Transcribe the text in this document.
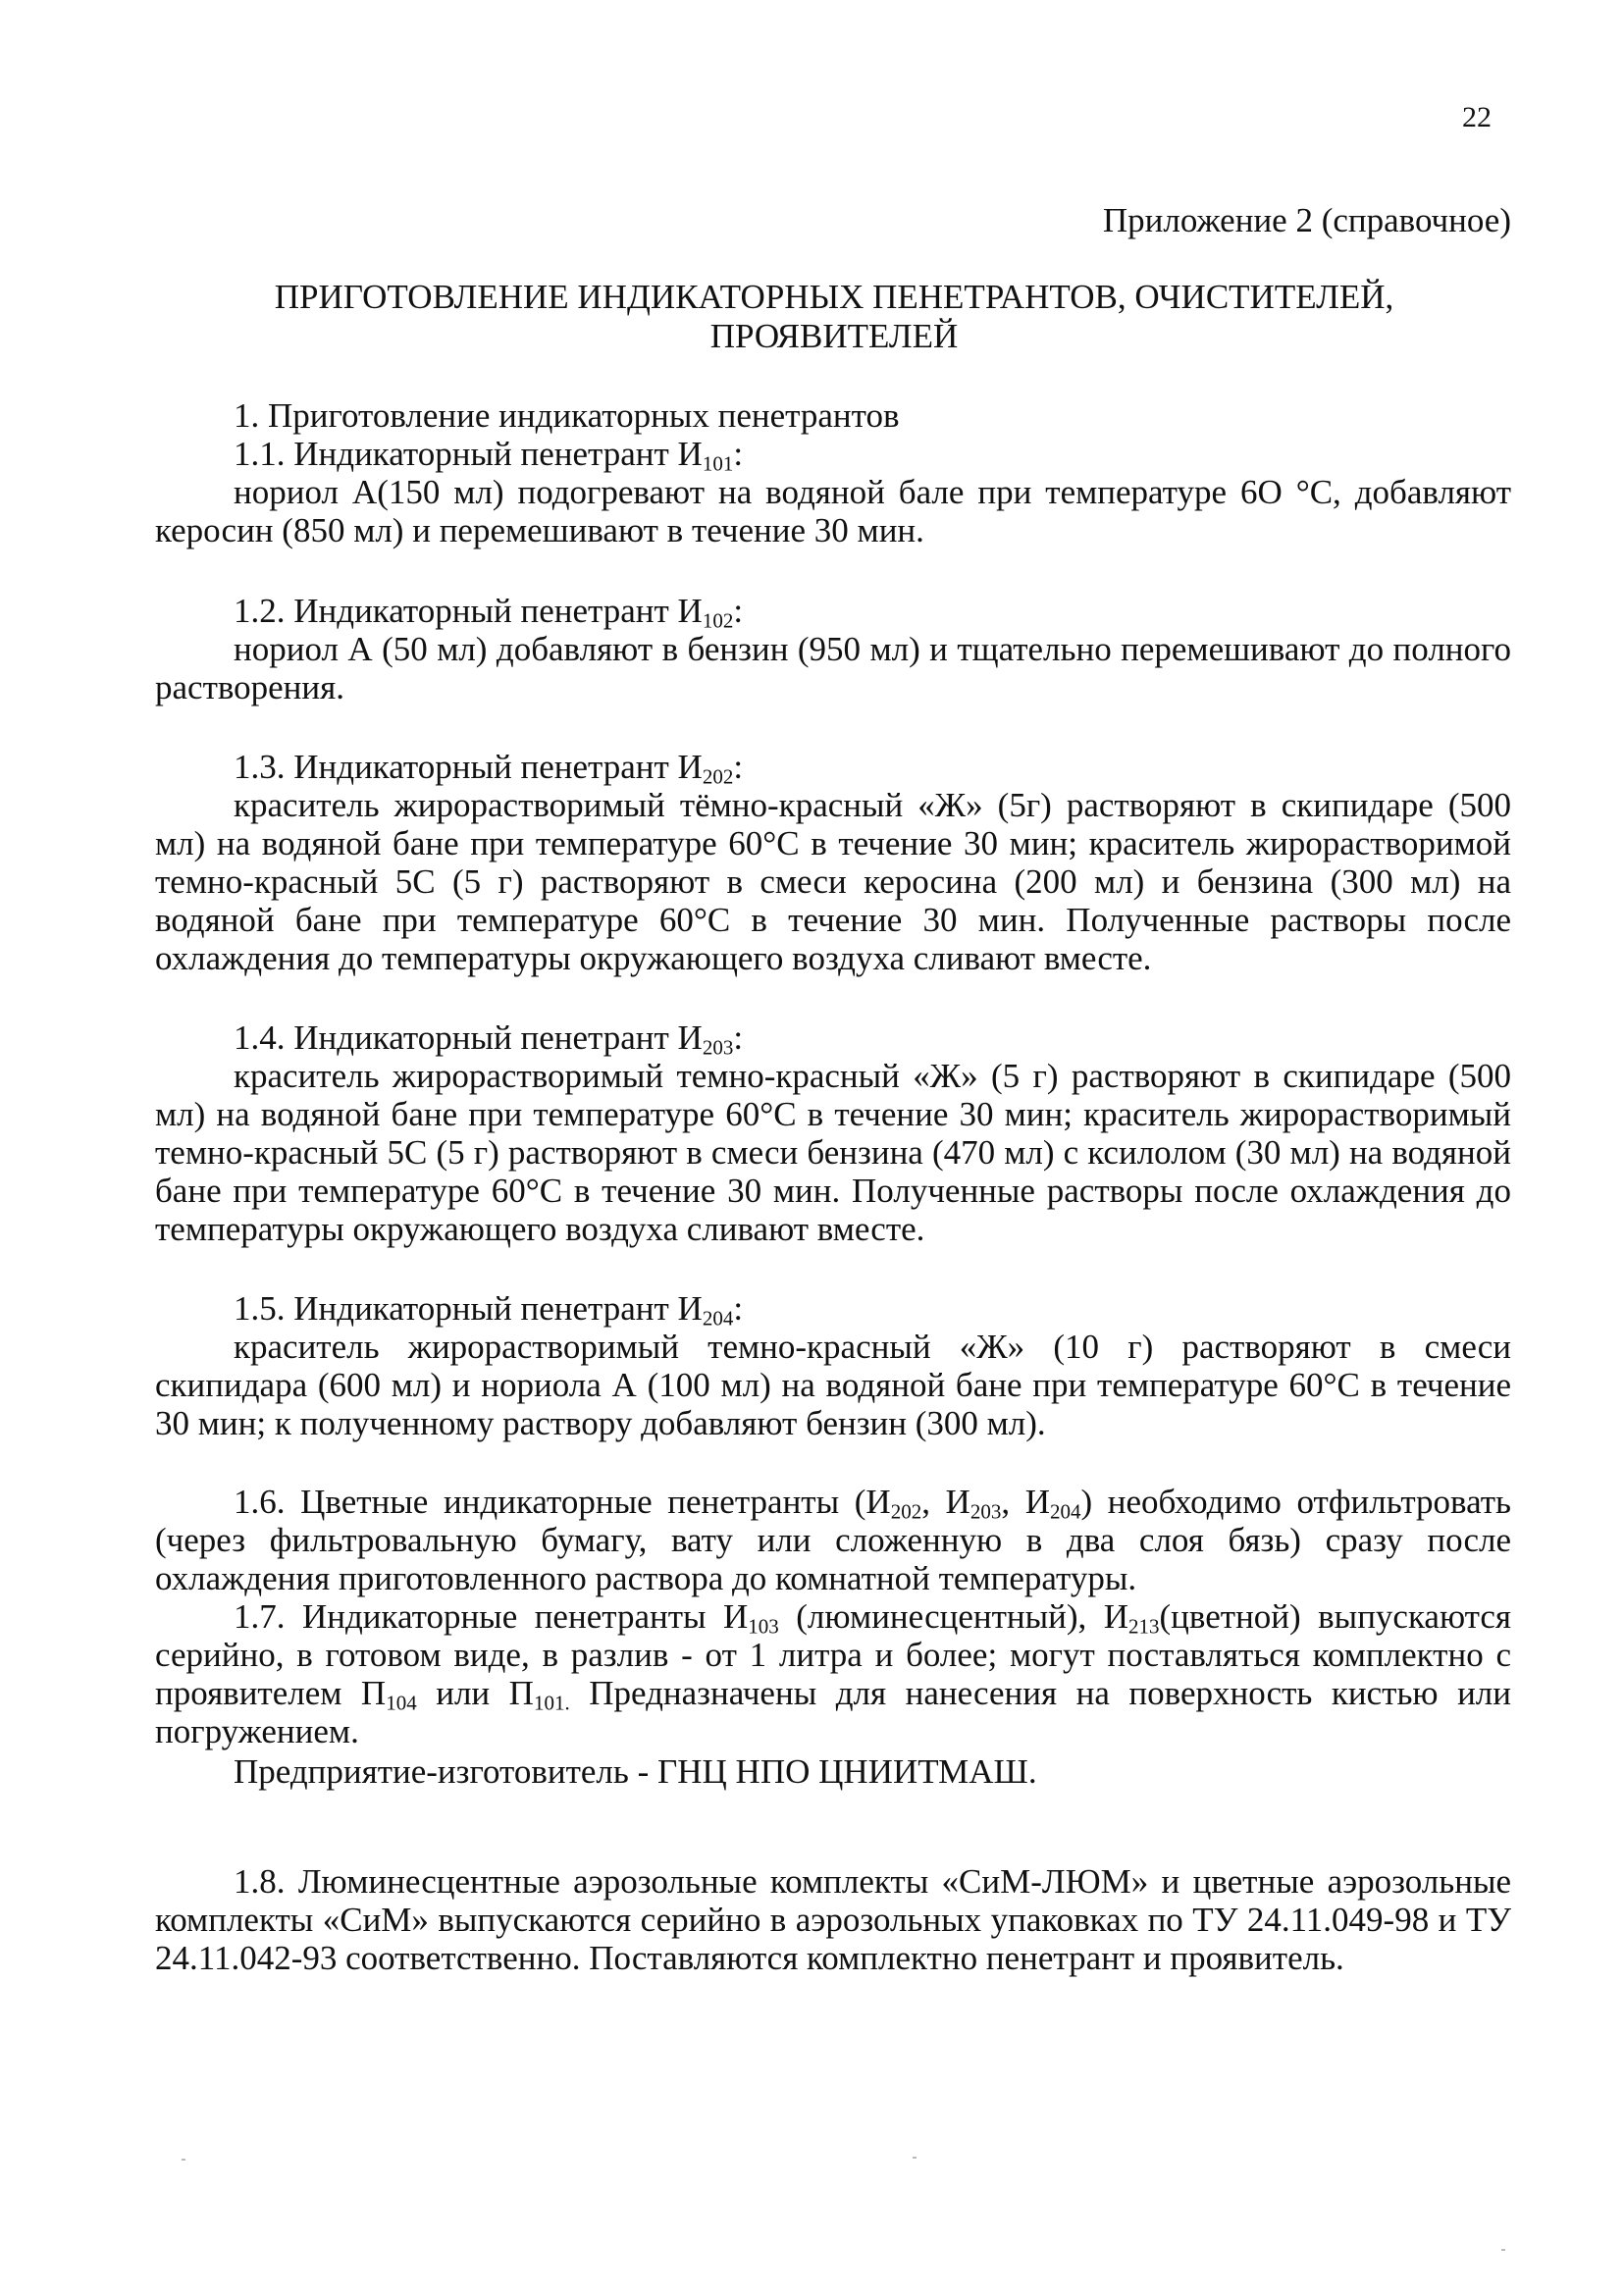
22
Приложение 2 (справочное)
ПРИГОТОВЛЕНИЕ ИНДИКАТОРНЫХ ПЕНЕТРАНТОВ, ОЧИСТИТЕЛЕЙ,
ПРОЯВИТЕЛЕЙ
1. Приготовление индикаторных пенетрантов
1.1. Индикаторный пенетрант $И_{101}$:

нориол А(150 мл) подогревают на водяной бале при температуре 6О °С, добавляют керосин (850 мл) и перемешивают в течение 30 мин.

1.2. Индикаторный пенетрант $И_{102}$:

нориол А (50 мл) добавляют в бензин (950 мл) и тщательно перемешивают до полного растворения.

1.3. Индикаторный пенетрант $И_{202}$:

краситель жирорастворимый тёмно-красный «Ж» (5г) растворяют в скипидаре (500 мл) на водяной бане при температуре 60°С в течение 30 мин; краситель жирорастворимой темно-красный 5С (5 г) растворяют в смеси керосина (200 мл) и бензина (300 мл) на водяной бане при температуре 60°С в течение 30 мин. Полученные растворы после охлаждения до температуры окружающего воздуха сливают вместе.

1.4. Индикаторный пенетрант $И_{203}$:

краситель жирорастворимый темно-красный «Ж» (5 г) растворяют в скипидаре (500 мл) на водяной бане при температуре 60°С в течение 30 мин; краситель жирорастворимый темно-красный 5С (5 г) растворяют в смеси бензина (470 мл) с ксилолом (30 мл) на водяной бане при температуре 60°С в течение 30 мин. Полученные растворы после охлаждения до температуры окружающего воздуха сливают вместе.

1.5. Индикаторный пенетрант $И_{204}$:

краситель жирорастворимый темно-красный «Ж» (10 г) растворяют в смеси скипидара (600 мл) и нориола А (100 мл) на водяной бане при температуре 60°С в течение 30 мин; к полученному раствору добавляют бензин (300 мл).

1.6. Цветные индикаторные пенетранты ($И_{202}$, $И_{203}$, $И_{204}$) необходимо отфильтровать (через фильтровальную бумагу, вату или сложенную в два слоя бязь) сразу после охлаждения приготовленного раствора до комнатной температуры.

1.7. Индикаторные пенетранты $И_{103}$ (люминесцентный), $И_{213}(цветной)$ выпускаются серийно, в готовом виде, в разлив - от 1 литра и более; могут поставляться комплектно с проявителем $П_{104}$ или $П_{101.}$ Предназначены для нанесения на поверхность кистью или погружением.

Предприятие-изготовитель - ГНЦ НПО ЦНИИТМАШ.

1.8. Люминесцентные аэрозольные комплекты «СиМ-ЛЮМ» и цветные аэрозольные комплекты «СиМ» выпускаются серийно в аэрозольных упаковках по ТУ 24.11.049-98 и ТУ 24.11.042-93 соответственно. Поставляются комплектно пенетрант и проявитель.
